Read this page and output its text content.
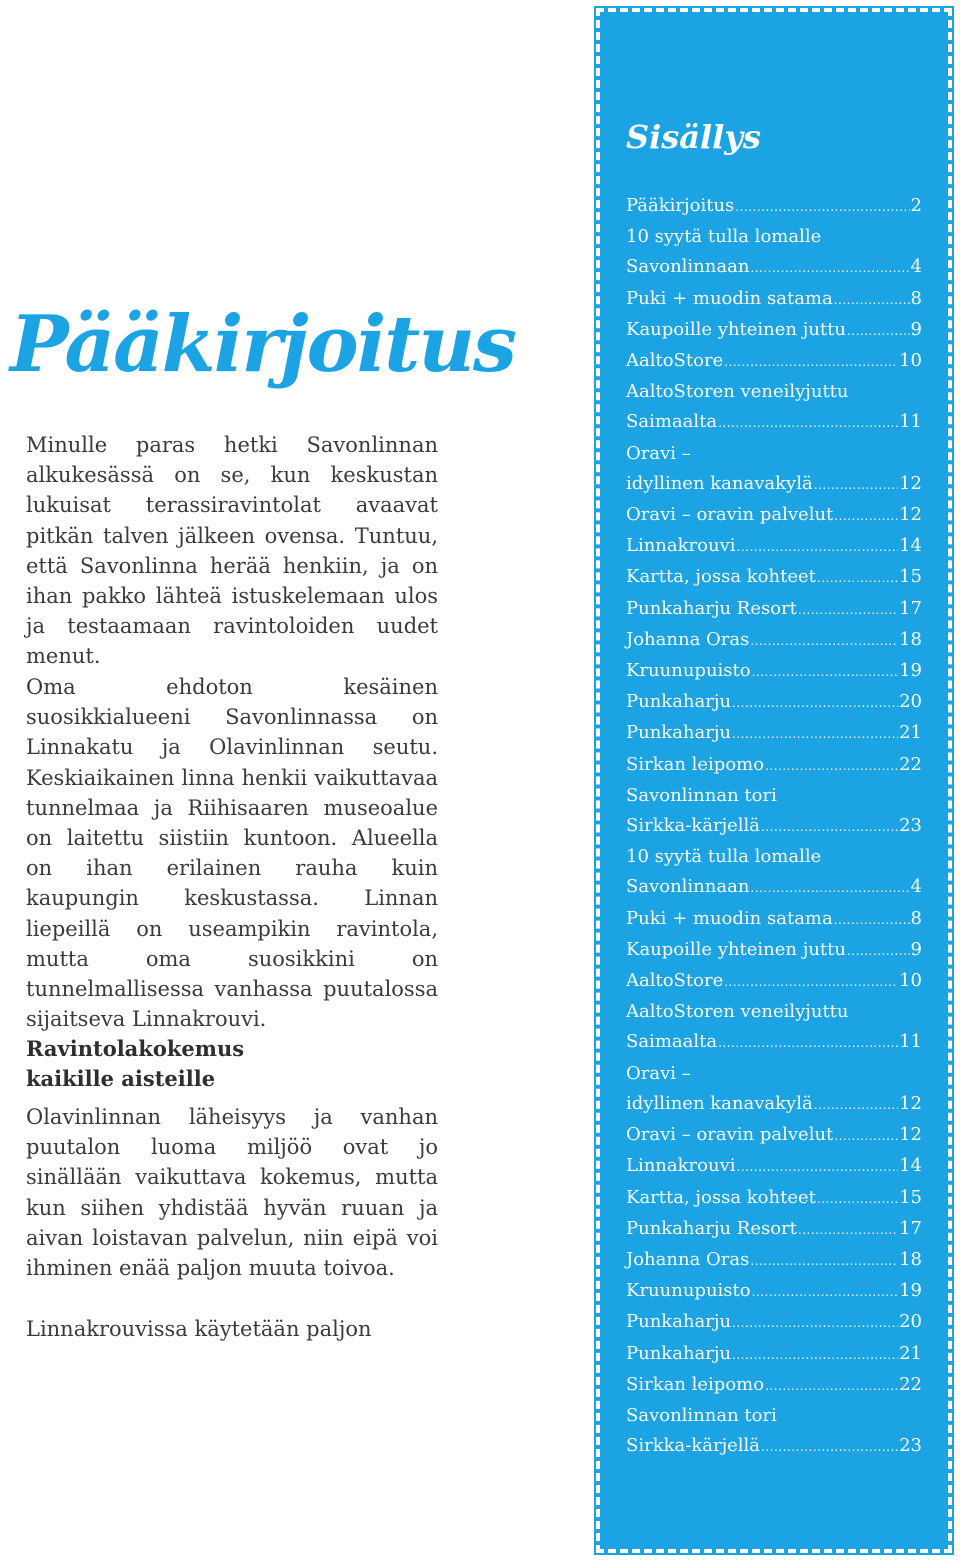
Pääkirjoitus

Minulle paras hetki Savonlinnan alkukesässä on se, kun keskustan lukuisat terassiravintolat avaavat pitkän talven jälkeen ovensa. Tuntuu, että Savonlinna herää henkiin, ja on ihan pakko lähteä istuskelemaan ulos ja testaamaan ravintoloiden uudet menut.

Oma ehdoton kesäinen suosikkialueeni Savonlinnassa on Linnakatu ja Olavinlinnan seutu. Keskiaikainen linna henkii vaikuttavaa tunnelmaa ja Riihisaaren museoalue on laitettu siistiin kuntoon. Alueella on ihan erilainen rauha kuin kaupungin keskustassa. Linnan liepeillä on useampikin ravintola, mutta oma suosikkini on tunnelmallisessa vanhassa puutalossa sijaitseva Linnakrouvi.

Ravintolakokemus
kaikille aisteille

Olavinlinnan läheisyys ja vanhan puutalon luoma miljöö ovat jo sinällään vaikuttava kokemus, mutta kun siihen yhdistää hyvän ruuan ja aivan loistavan palvelun, niin eipä voi ihminen enää paljon muuta toivoa.

Linnakrouvissa käytetään paljon

Sisällys
Pääkirjoitus .....	2
10 syytä tulla lomalle
Savonlinnaan .....	4
Puki + muodin satama .....	8
Kaupoille yhteinen juttu .....	9
AaltoStore .....	10
AaltoStoren veneilyjuttu
Saimaalta .....	11
Oravi –
idyllinen kanavakylä .....	12
Oravi – oravin palvelut .....	12
Linnakrouvi .....	14
Kartta, jossa kohteet .....	15
Punkaharju Resort .....	17
Johanna Oras .....	18
Kruunupuisto .....	19
Punkaharju .....	20
Punkaharju .....	21
Sirkan leipomo .....	22
Savonlinnan tori
Sirkka-kärjellä .....	23
10 syytä tulla lomalle
Savonlinnaan .....	4
Puki + muodin satama .....	8
Kaupoille yhteinen juttu .....	9
AaltoStore .....	10
AaltoStoren veneilyjuttu
Saimaalta .....	11
Oravi –
idyllinen kanavakylä .....	12
Oravi – oravin palvelut .....	12
Linnakrouvi .....	14
Kartta, jossa kohteet .....	15
Punkaharju Resort .....	17
Johanna Oras .....	18
Kruunupuisto .....	19
Punkaharju .....	20
Punkaharju .....	21
Sirkan leipomo .....	22
Savonlinnan tori
Sirkka-kärjellä .....	23
